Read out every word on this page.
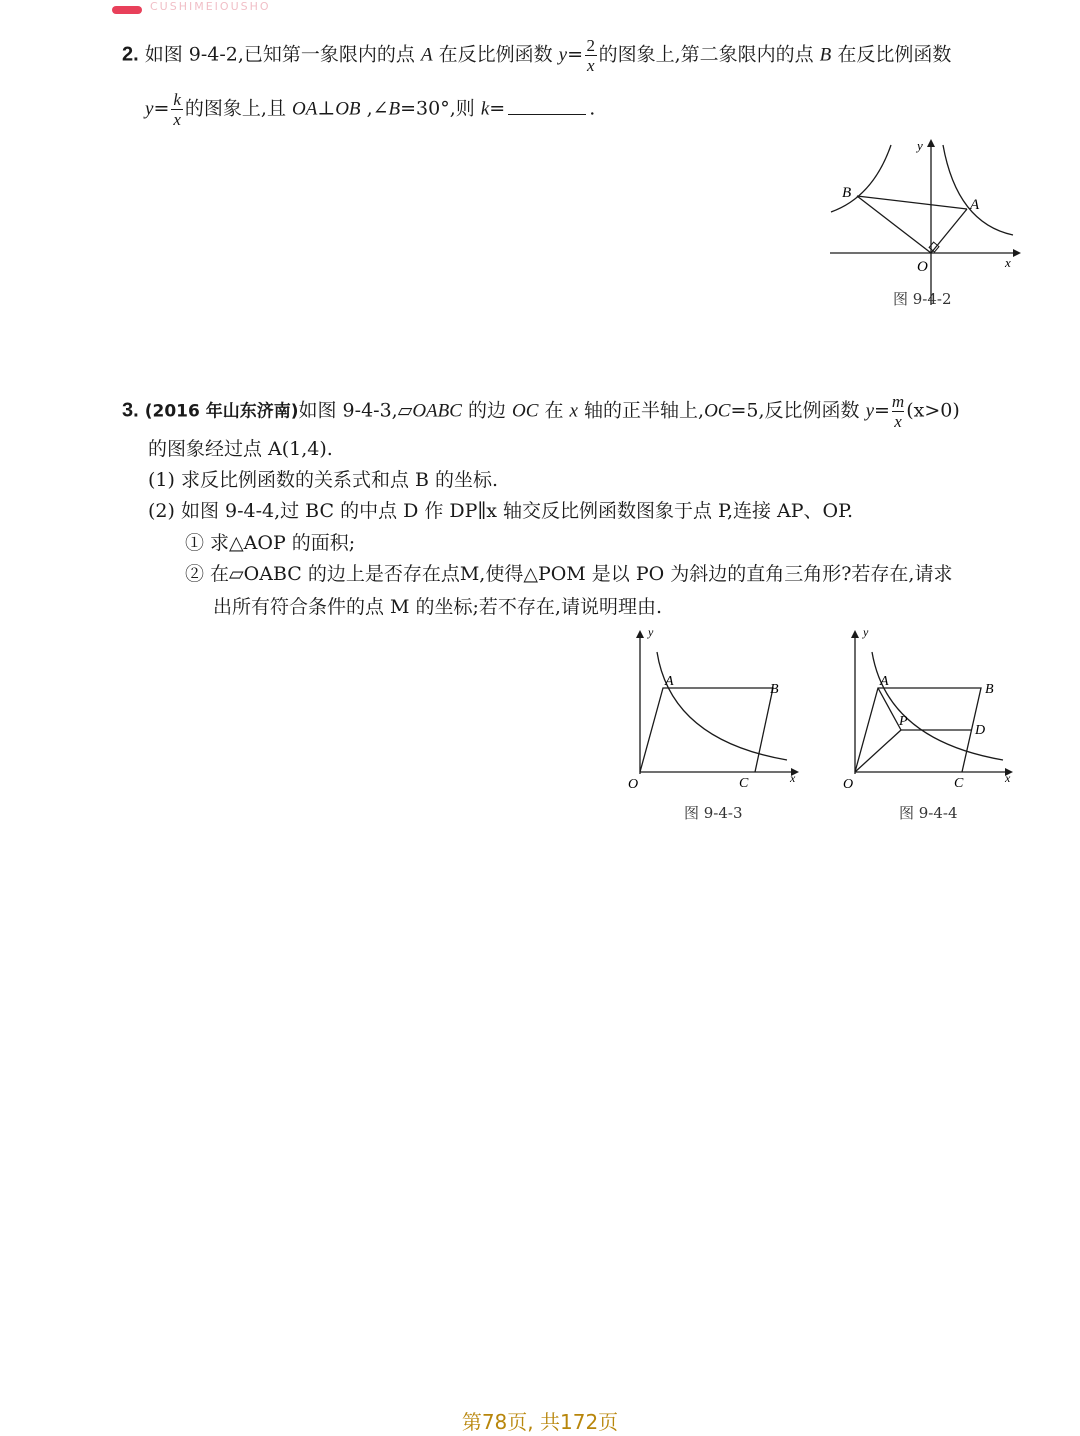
CUSHIMEIOUSHO
2. 如图 9-4-2,已知第一象限内的点 A 在反比例函数 $y= \frac{2}{x}$ 的图象上,第二象限内的点 B 在反比例函数
$y= \frac{k}{x}$ 的图象上,且 OA⊥OB ,∠B=30°,则 k=	.
B
A
O	x
y
图 9-4-2
3. (2016 年山东济南)如图 9-4-3,▱OABC 的边 OC 在 x 轴的正半轴上,OC=5,反比例函数 $y= \frac{m}{x} (x>0)$
的图象经过点 A(1,4).
(1) 求反比例函数的关系式和点 B 的坐标.
(2) 如图 9-4-4,过 BC 的中点 D 作 DP∥x 轴交反比例函数图象于点 P,连接 AP、OP.
① 求△AOP 的面积;
② 在▱OABC 的边上是否存在点M,使得△POM 是以 PO 为斜边的直角三角形?若存在,请求
出所有符合条件的点 M 的坐标;若不存在,请说明理由.
A
B
C
O	x
y
图 9-4-3
A
B
P
D
C
O	x
y
图 9-4-4
第78页, 共172页
